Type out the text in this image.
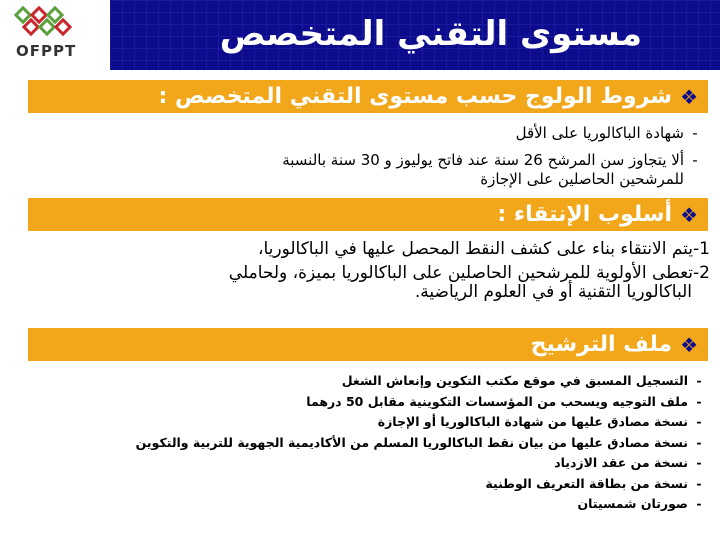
مستوى التقني المتخصص
OFPPT
❖
شروط الولوج حسب مستوى التقني المتخصص :
-
شهادة الباكالوريا على الأقل
-
ألا يتجاوز سن المرشح 26 سنة عند فاتح يوليوز و 30 سنة بالنسبة
للمرشحين الحاصلين على الإجازة
❖
أسلوب الإنتقاء :
1-
يتم الانتقاء بناء على كشف النقط المحصل عليها في الباكالوريا،
2-
تعطى الأولوية للمرشحين الحاصلين على الباكالوريا بميزة، ولحاملي
الباكالوريا التقنية أو في العلوم الرياضية.
❖
ملف الترشيح
-
التسجيل المسبق في موقع مكتب التكوين وإنعاش الشغل
-
ملف التوجيه ويسحب من المؤسسات التكوينية مقابل 50 درهما
-
نسخة مصادق عليها من شهادة الباكالوريا أو الإجازة
-
نسخة مصادق عليها من بيان نقط الباكالوريا المسلم من الأكاديمية الجهوية للتربية والتكوين
-
نسخة من عقد الازدياد
-
نسخة من بطاقة التعريف الوطنية
-
صورتان شمسيتان
